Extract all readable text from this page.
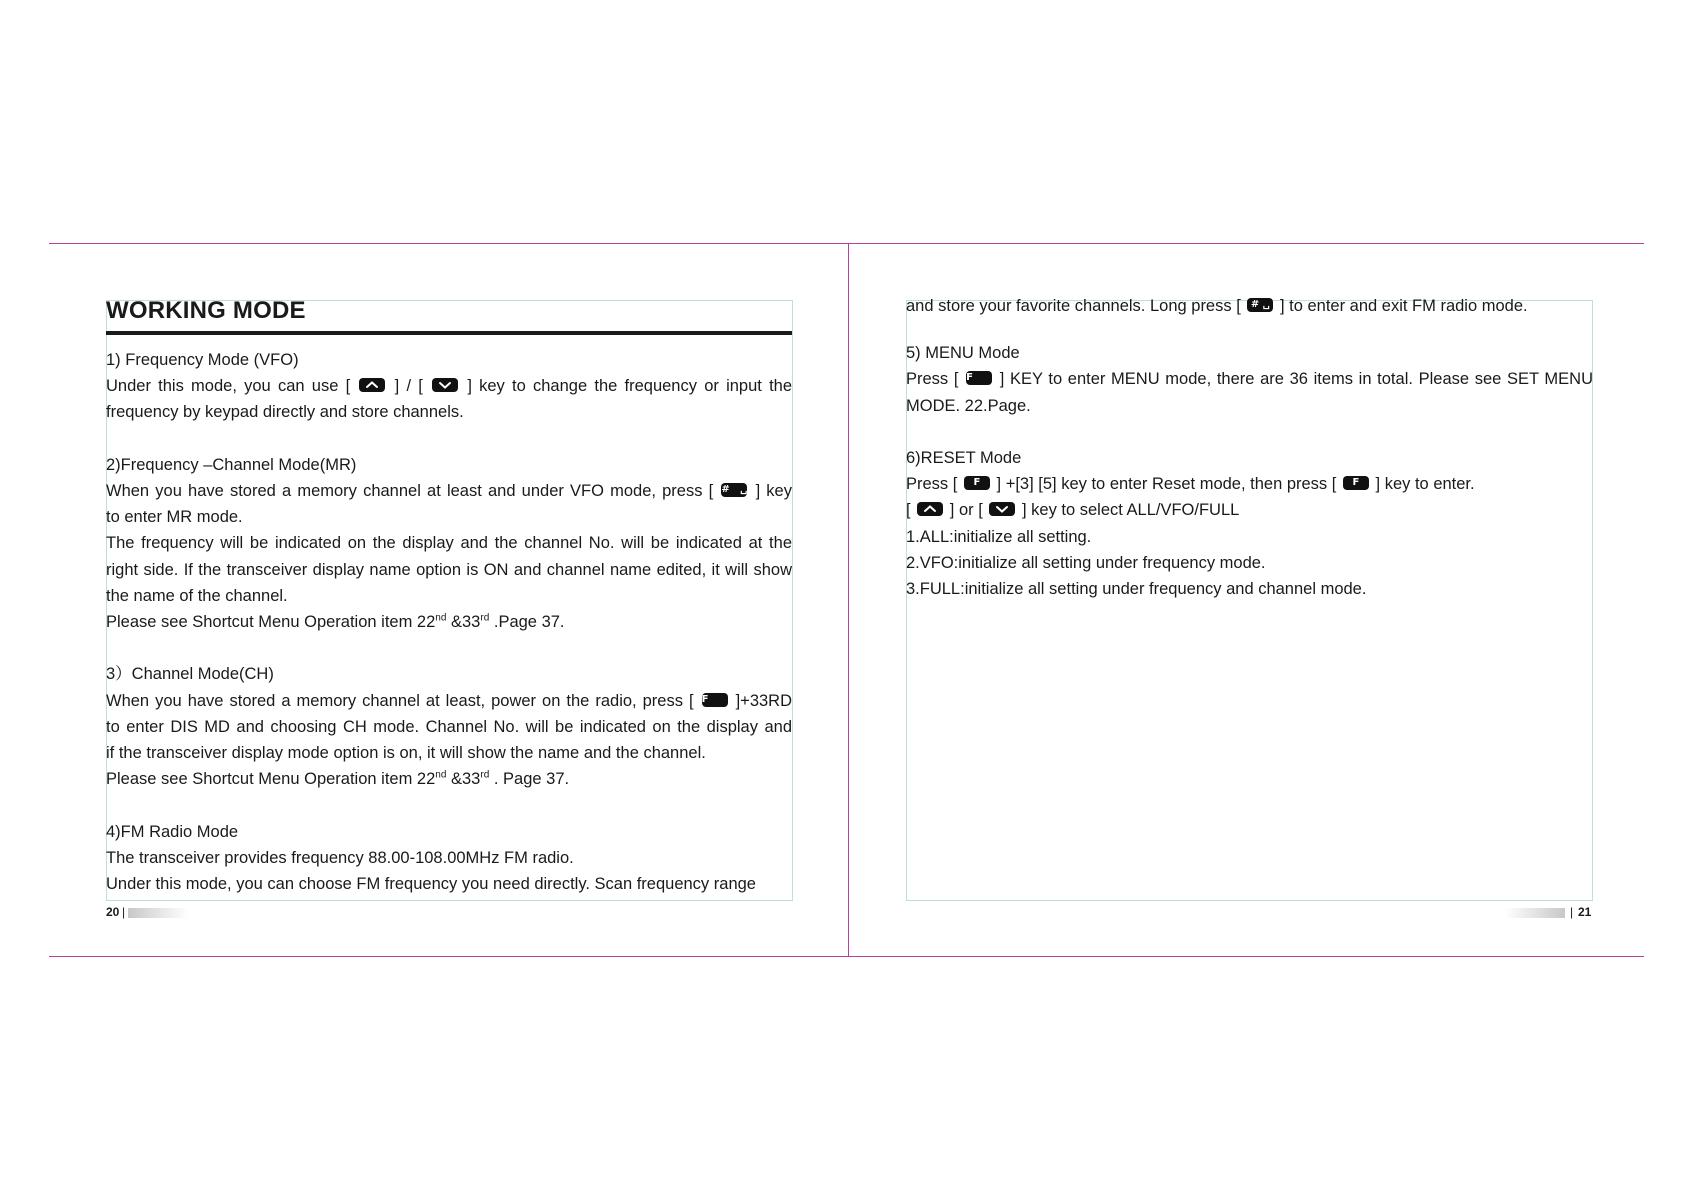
WORKING MODE

1) Frequency Mode (VFO)

Under this mode, you can use [	] / [	] key to change the frequency or input the

frequency by keypad directly and store channels.

2)Frequency –Channel Mode(MR)

When you have stored a memory channel at least and under VFO mode, press [ # ␣ ] key

to enter MR mode.

The frequency will be indicated on the display and the channel No. will be indicated at the

right side. If the transceiver display name option is ON and channel name edited, it will show

the name of the channel.

Please see Shortcut Menu Operation item 22nd &33rd .Page 37.

3）Channel Mode(CH)

When you have stored a memory channel at least, power on the radio, press [ F	]+33RD

to enter DIS MD and choosing CH mode. Channel No. will be indicated on the display and

if the transceiver display mode option is on, it will show the name and the channel.

Please see Shortcut Menu Operation item 22nd &33rd . Page 37.

4)FM Radio Mode

The transceiver provides frequency 88.00-108.00MHz FM radio.

Under this mode, you can choose FM frequency you need directly. Scan frequency range

20 |

and store your favorite channels. Long press [	# ␣ ] to enter and exit FM radio mode.

5) MENU Mode

Press [ F	] KEY to enter MENU mode, there are 36 items in total. Please see SET MENU

MODE. 22.Page.

6)RESET Mode

Press [	F ] +[3] [5] key to enter Reset mode, then press [	F ] key to enter.

[ ] or [ ] key to select ALL/VFO/FULL

1.ALL:initialize all setting.

2.VFO:initialize all setting under frequency mode.

3.FULL:initialize all setting under frequency and channel mode.

| 21
